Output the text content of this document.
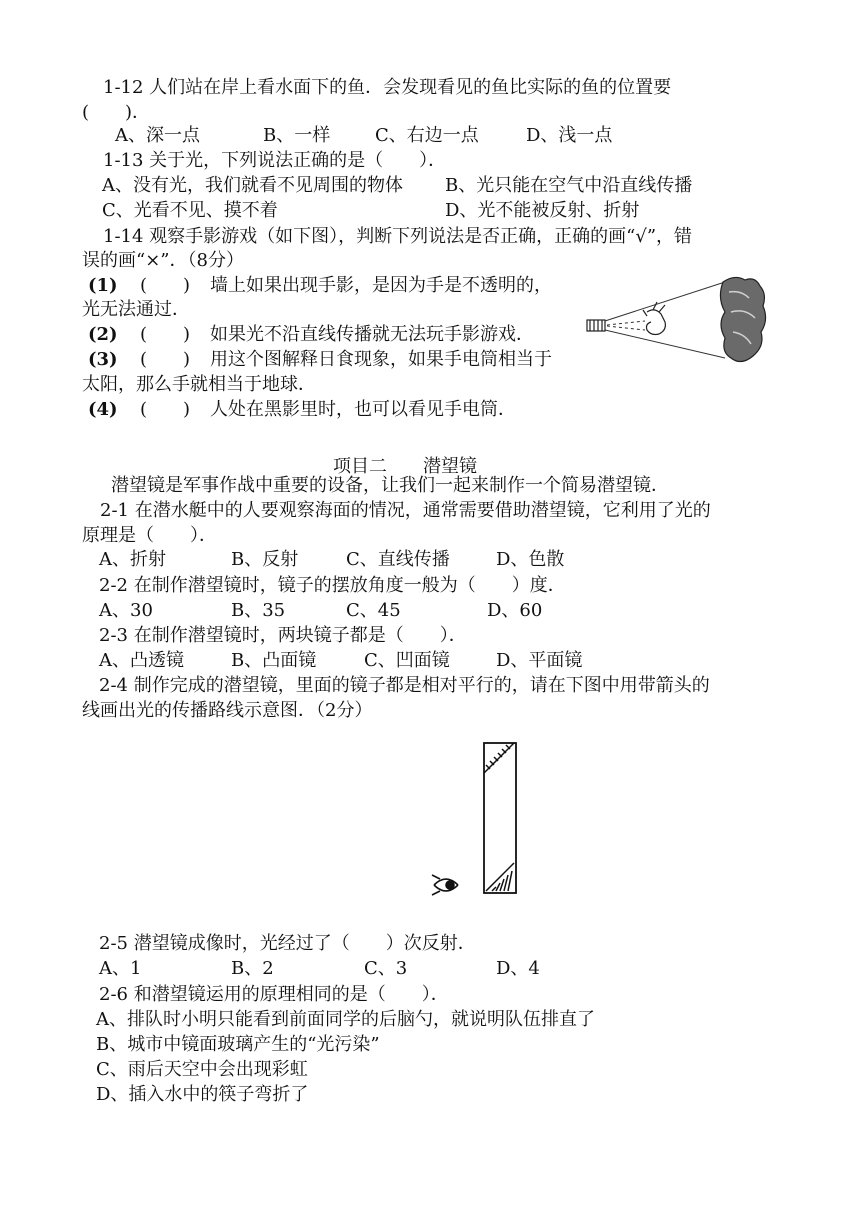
1-12 人们站在岸上看水面下的鱼．会发现看见的鱼比实际的鱼的位置要
(　　)．
A、深一点	B、一样 C、右边一点	D、浅一点
1-13 关于光，下列说法正确的是（　　）．
A、没有光，我们就看不见周围的物体 B、光只能在空气中沿直线传播
C、光看不见、摸不着	D、光不能被反射、折射
1-14 观察手影游戏（如下图），判断下列说法是否正确，正确的画“√”，错
误的画“×”．（8分）
(1) (　　) 墙上如果出现手影，是因为手是不透明的，
光无法通过．
(2) (　　) 如果光不沿直线传播就无法玩手影游戏．
(3) (　　) 用这个图解释日食现象，如果手电筒相当于
太阳，那么手就相当于地球．
(4) (　　) 人处在黑影里时，也可以看见手电筒．
项目二　　潜望镜
潜望镜是军事作战中重要的设备，让我们一起来制作一个简易潜望镜．
2-1 在潜水艇中的人要观察海面的情况，通常需要借助潜望镜，它利用了光的
原理是（　　）．
A、折射	B、反射	C、直线传播	D、色散
2-2 在制作潜望镜时，镜子的摆放角度一般为（　　）度．
A、30	B、35	C、45	D、60
2-3 在制作潜望镜时，两块镜子都是（　　）．
A、凸透镜	B、凸面镜	C、凹面镜	D、平面镜
2-4 制作完成的潜望镜，里面的镜子都是相对平行的，请在下图中用带箭头的
线画出光的传播路线示意图．（2分）
2-5 潜望镜成像时，光经过了（　　）次反射．
A、1	B、2	C、3	D、4
2-6 和潜望镜运用的原理相同的是（　　）．
A、排队时小明只能看到前面同学的后脑勺，就说明队伍排直了
B、城市中镜面玻璃产生的“光污染”
C、雨后天空中会出现彩虹
D、插入水中的筷子弯折了
